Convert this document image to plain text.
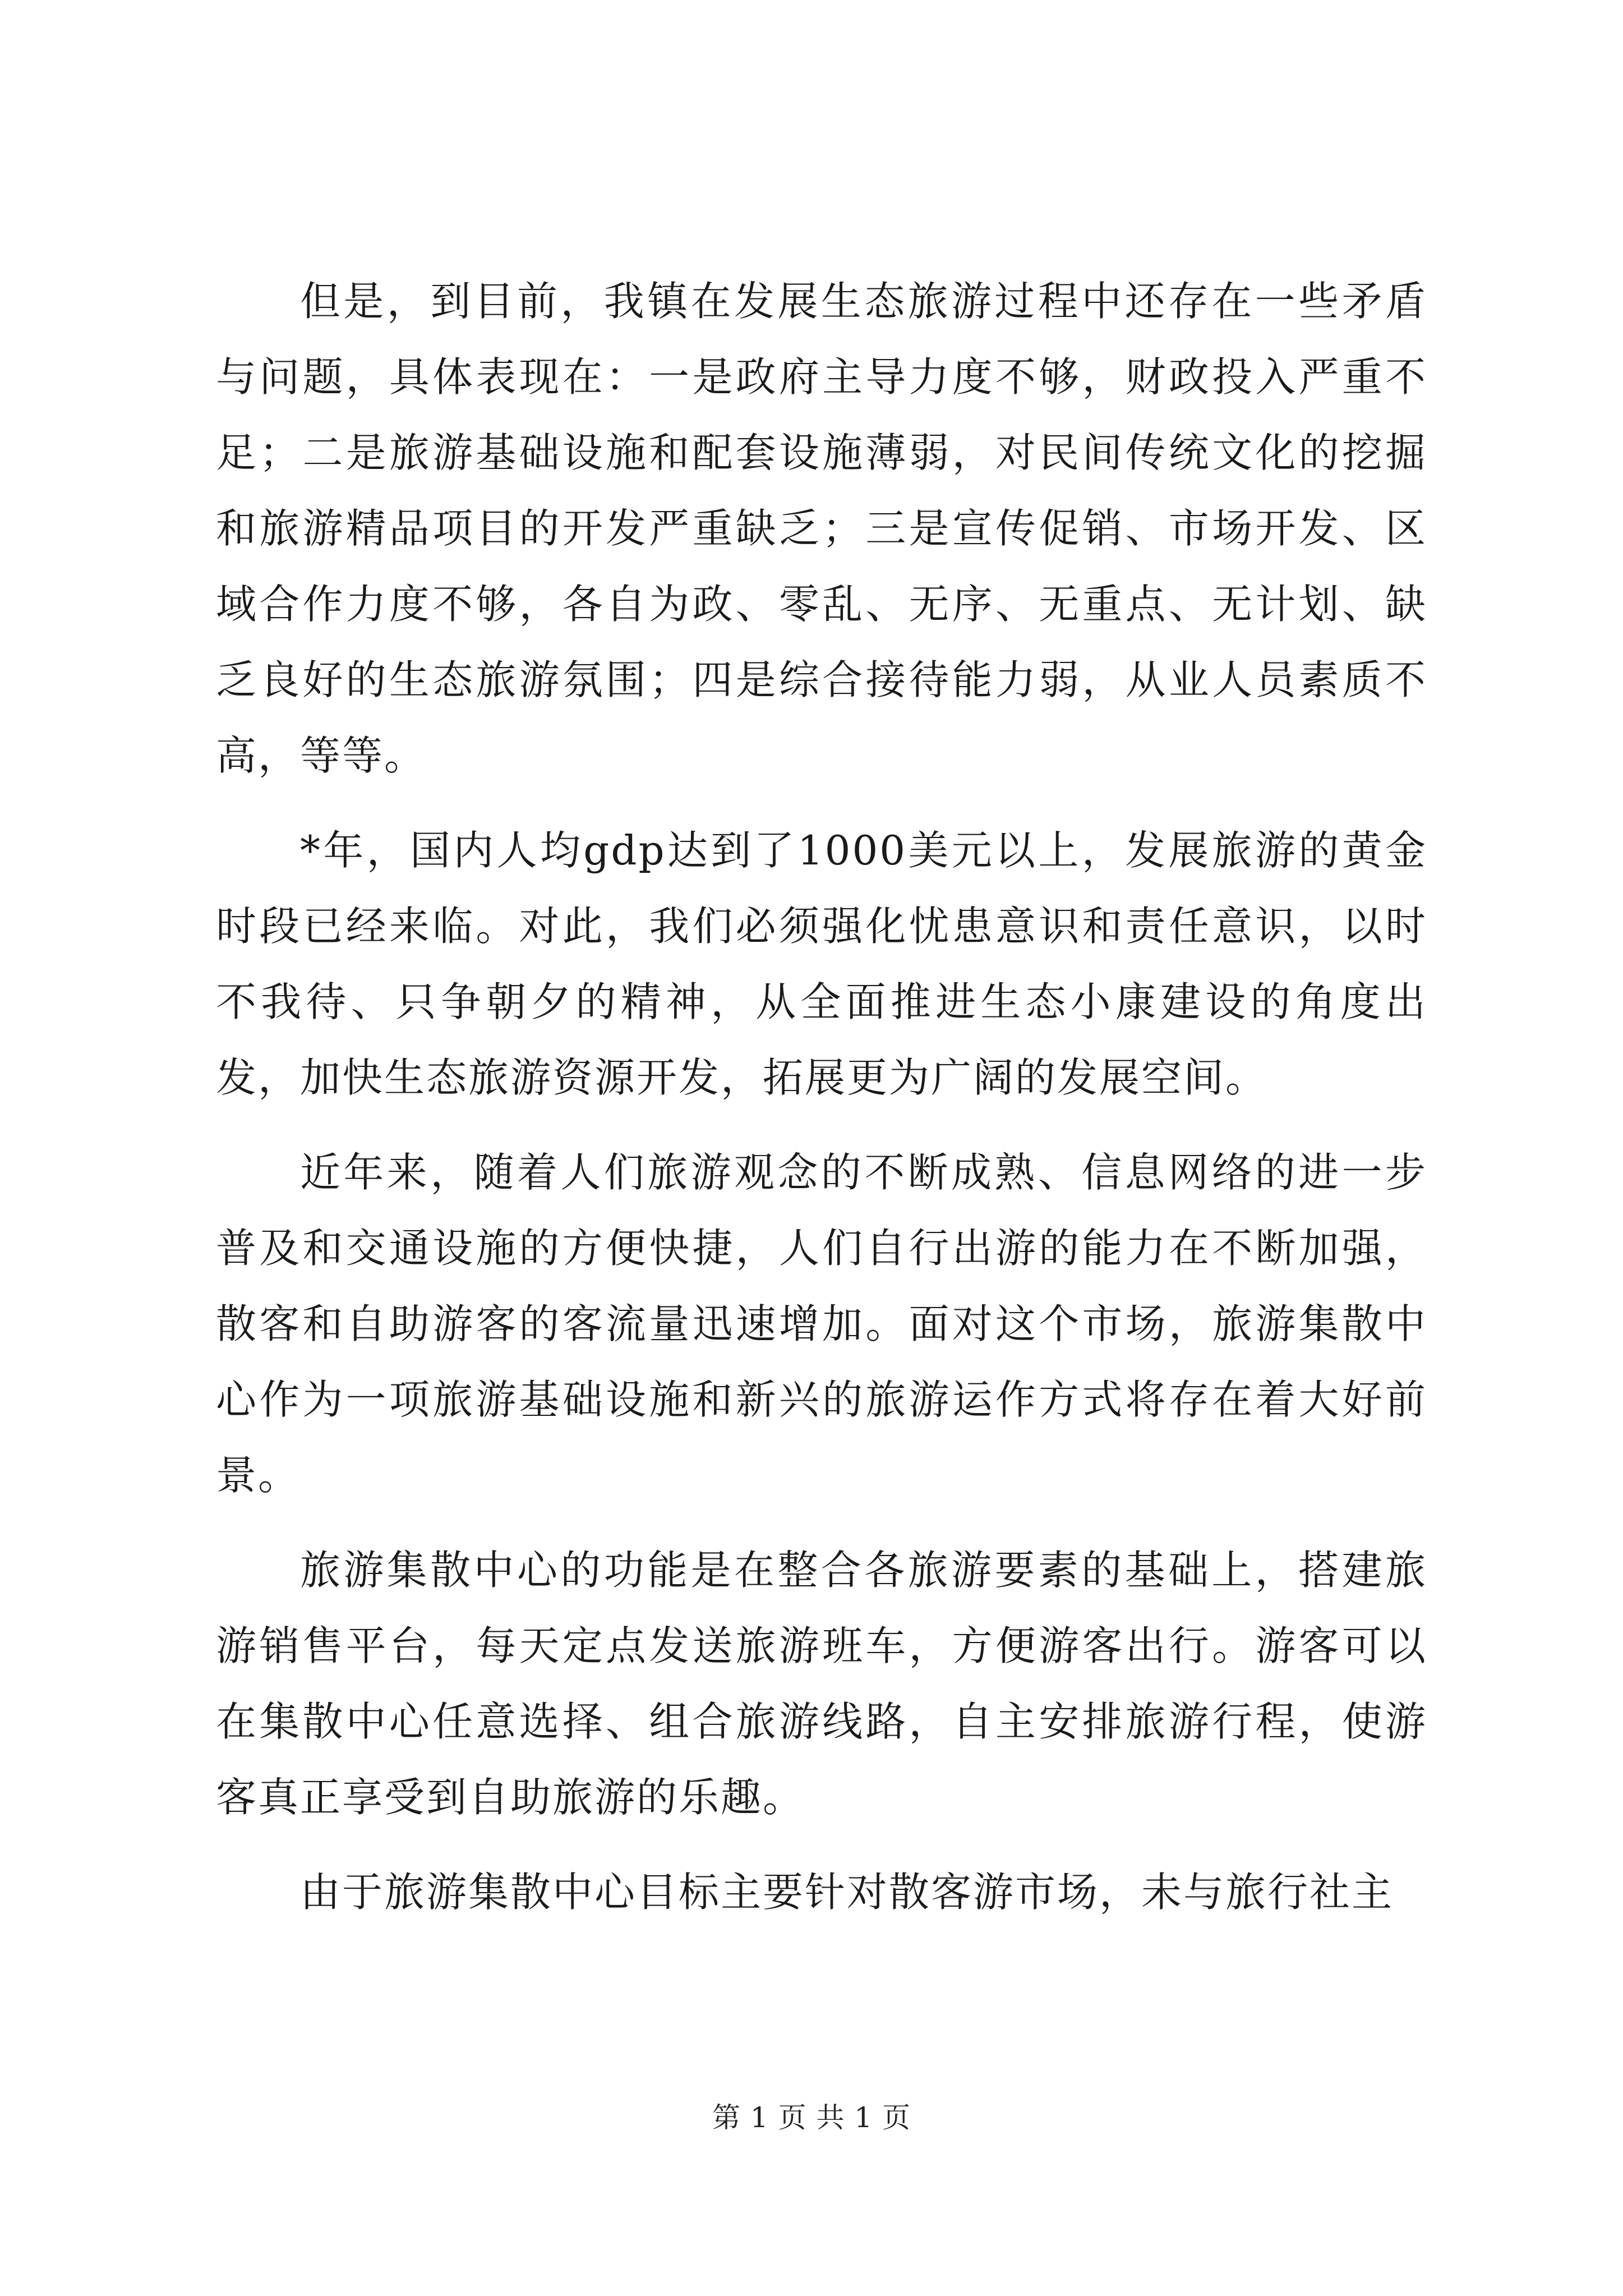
但是，到目前，我镇在发展生态旅游过程中还存在一些矛盾与问题，具体表现在：一是政府主导力度不够，财政投入严重不足；二是旅游基础设施和配套设施薄弱，对民间传统文化的挖掘和旅游精品项目的开发严重缺乏；三是宣传促销、市场开发、区域合作力度不够，各自为政、零乱、无序、无重点、无计划、缺乏良好的生态旅游氛围；四是综合接待能力弱，从业人员素质不高，等等。

*年，国内人均gdp达到了1000美元以上，发展旅游的黄金时段已经来临。对此，我们必须强化忧患意识和责任意识，以时不我待、只争朝夕的精神，从全面推进生态小康建设的角度出发，加快生态旅游资源开发，拓展更为广阔的发展空间。

近年来，随着人们旅游观念的不断成熟、信息网络的进一步普及和交通设施的方便快捷，人们自行出游的能力在不断加强，散客和自助游客的客流量迅速增加。面对这个市场，旅游集散中心作为一项旅游基础设施和新兴的旅游运作方式将存在着大好前景。

旅游集散中心的功能是在整合各旅游要素的基础上，搭建旅游销售平台，每天定点发送旅游班车，方便游客出行。游客可以在集散中心任意选择、组合旅游线路，自主安排旅游行程，使游客真正享受到自助旅游的乐趣。

由于旅游集散中心目标主要针对散客游市场，未与旅行社主

第 1 页 共 1 页
